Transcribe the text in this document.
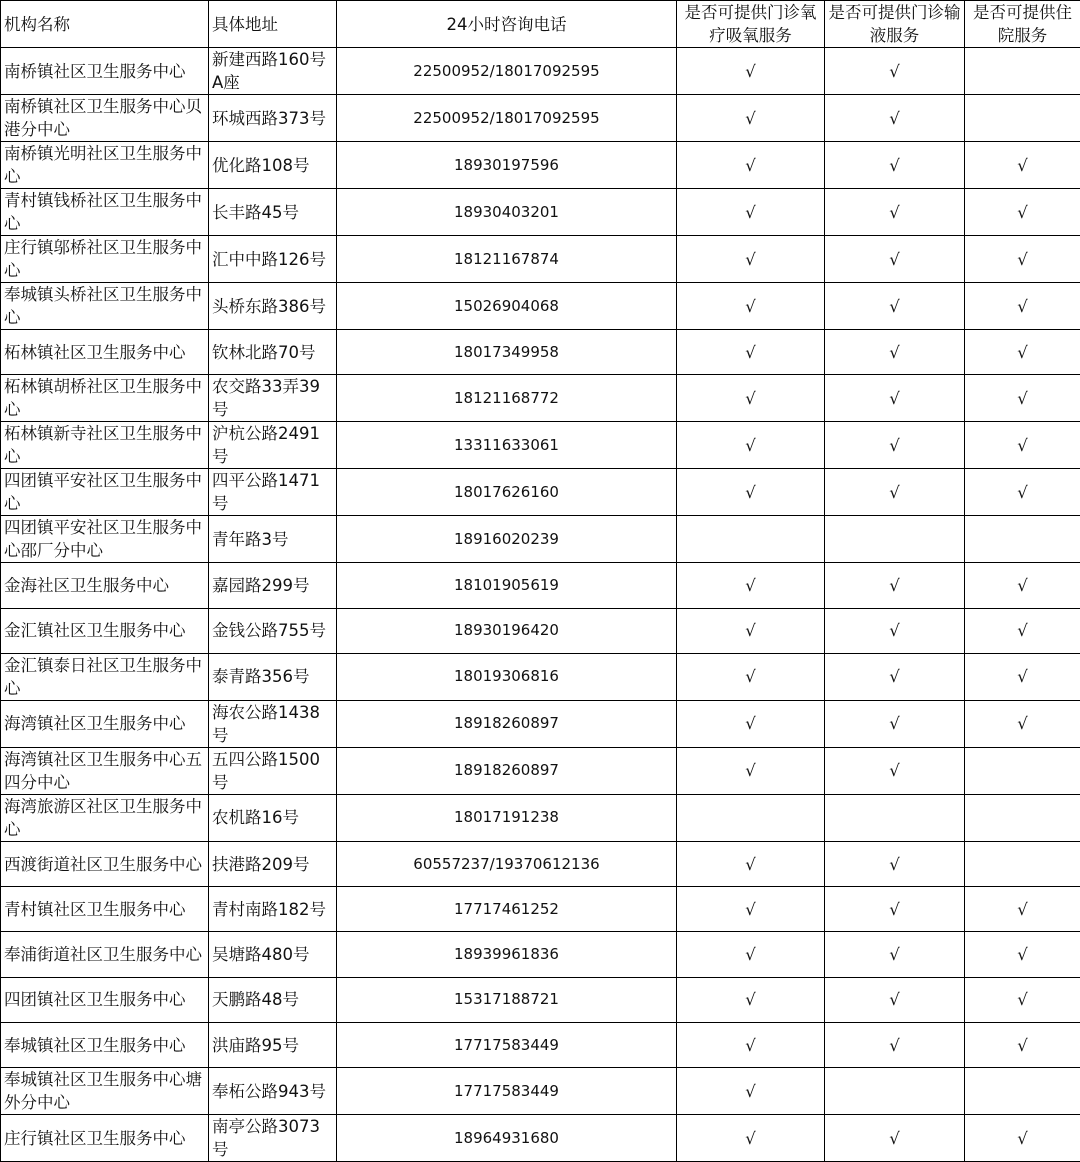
机构名称	具体地址	24小时咨询电话	是否可提供门诊氧疗吸氧服务	是否可提供门诊输液服务	是否可提供住院服务
南桥镇社区卫生服务中心	新建西路160号A座	22500952/18017092595	√	√	
南桥镇社区卫生服务中心贝港分中心	环城西路373号	22500952/18017092595	√	√	
南桥镇光明社区卫生服务中心	优化路108号	18930197596	√	√	√
青村镇钱桥社区卫生服务中心	长丰路45号	18930403201	√	√	√
庄行镇邬桥社区卫生服务中心	汇中中路126号	18121167874	√	√	√
奉城镇头桥社区卫生服务中心	头桥东路386号	15026904068	√	√	√
柘林镇社区卫生服务中心	钦林北路70号	18017349958	√	√	√
柘林镇胡桥社区卫生服务中心	农交路33弄39号	18121168772	√	√	√
柘林镇新寺社区卫生服务中心	沪杭公路2491号	13311633061	√	√	√
四团镇平安社区卫生服务中心	四平公路1471号	18017626160	√	√	√
四团镇平安社区卫生服务中心邵厂分中心	青年路3号	18916020239			
金海社区卫生服务中心	嘉园路299号	18101905619	√	√	√
金汇镇社区卫生服务中心	金钱公路755号	18930196420	√	√	√
金汇镇泰日社区卫生服务中心	泰青路356号	18019306816	√	√	√
海湾镇社区卫生服务中心	海农公路1438号	18918260897	√	√	√
海湾镇社区卫生服务中心五四分中心	五四公路1500号	18918260897	√	√	
海湾旅游区社区卫生服务中心	农机路16号	18017191238			
西渡街道社区卫生服务中心	扶港路209号	60557237/19370612136	√	√	
青村镇社区卫生服务中心	青村南路182号	17717461252	√	√	√
奉浦街道社区卫生服务中心	吴塘路480号	18939961836	√	√	√
四团镇社区卫生服务中心	天鹏路48号	15317188721	√	√	√
奉城镇社区卫生服务中心	洪庙路95号	17717583449	√	√	√
奉城镇社区卫生服务中心塘外分中心	奉柘公路943号	17717583449	√		
庄行镇社区卫生服务中心	南亭公路3073号	18964931680	√	√	√
